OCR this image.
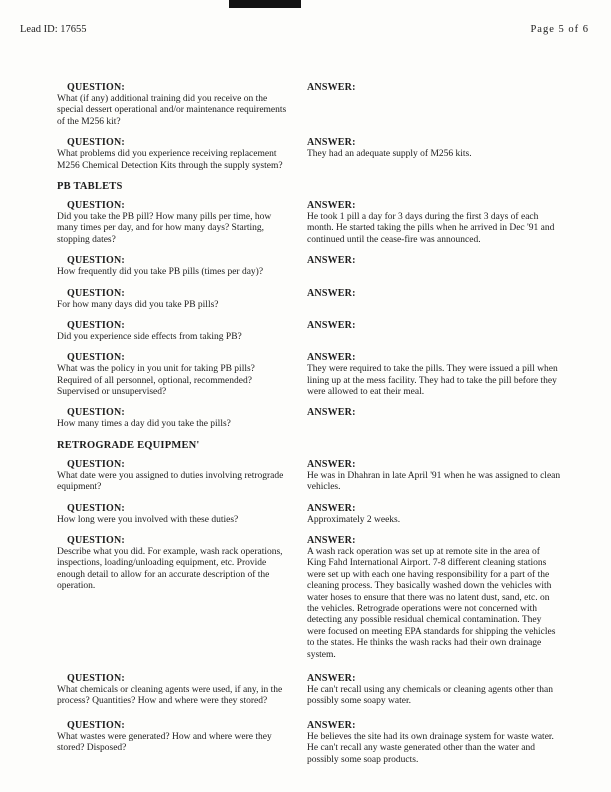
Lead ID: 17655	Page 5 of 6
QUESTION:
What (if any) additional training did you receive on the special dessert operational and/or maintenance requirements of the M256 kit?
ANSWER:
QUESTION:
What problems did you experience receiving replacement M256 Chemical Detection Kits through the supply system?
ANSWER:
They had an adequate supply of M256 kits.
PB TABLETS
QUESTION:
Did you take the PB pill? How many pills per time, how many times per day, and for how many days? Starting, stopping dates?
ANSWER:
He took 1 pill a day for 3 days during the first 3 days of each month. He started taking the pills when he arrived in Dec '91 and continued until the cease-fire was announced.
QUESTION:
How frequently did you take PB pills (times per day)?
ANSWER:
QUESTION:
For how many days did you take PB pills?
ANSWER:
QUESTION:
Did you experience side effects from taking PB?
ANSWER:
QUESTION:
What was the policy in you unit for taking PB pills? Required of all personnel, optional, recommended? Supervised or unsupervised?
ANSWER:
They were required to take the pills. They were issued a pill when lining up at the mess facility. They had to take the pill before they were allowed to eat their meal.
QUESTION:
How many times a day did you take the pills?
ANSWER:
RETROGRADE EQUIPMEN'
QUESTION:
What date were you assigned to duties involving retrograde equipment?
ANSWER:
He was in Dhahran in late April '91 when he was assigned to clean vehicles.
QUESTION:
How long were you involved with these duties?
ANSWER:
Approximately 2 weeks.
QUESTION:
Describe what you did. For example, wash rack operations, inspections, loading/unloading equipment, etc. Provide enough detail to allow for an accurate description of the operation.
ANSWER:
A wash rack operation was set up at remote site in the area of King Fahd International Airport. 7-8 different cleaning stations were set up with each one having responsibility for a part of the cleaning process. They basically washed down the vehicles with water hoses to ensure that there was no latent dust, sand, etc. on the vehicles. Retrograde operations were not concerned with detecting any possible residual chemical contamination. They were focused on meeting EPA standards for shipping the vehicles to the states. He thinks the wash racks had their own drainage system.
QUESTION:
What chemicals or cleaning agents were used, if any, in the process? Quantities? How and where were they stored?
ANSWER:
He can't recall using any chemicals or cleaning agents other than possibly some soapy water.
QUESTION:
What wastes were generated? How and where were they stored? Disposed?
ANSWER:
He believes the site had its own drainage system for waste water. He can't recall any waste generated other than the water and possibly some soap products.
